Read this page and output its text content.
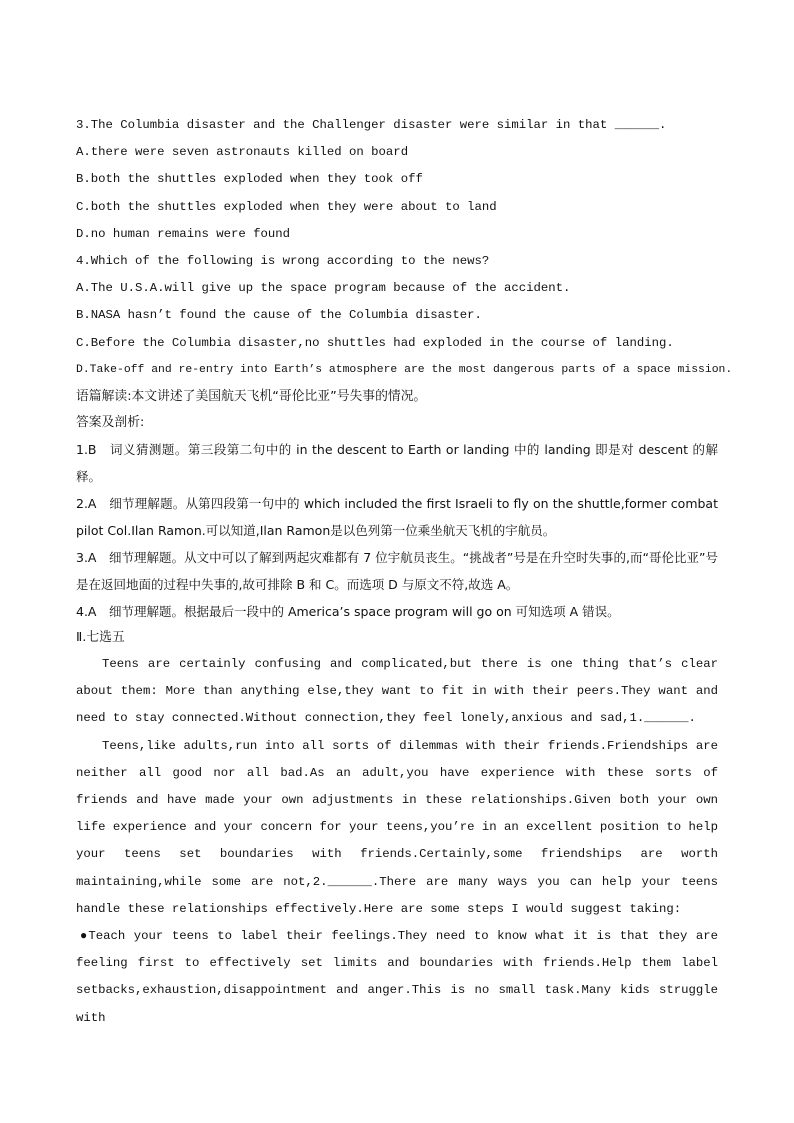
3.The Columbia disaster and the Challenger disaster were similar in that ______.

A.there were seven astronauts killed on board

B.both the shuttles exploded when they took off

C.both the shuttles exploded when they were about to land

D.no human remains were found

4.Which of the following is wrong according to the news?

A.The U.S.A.will give up the space program because of the accident.

B.NASA hasn’t found the cause of the Columbia disaster.

C.Before the Columbia disaster,no shuttles had exploded in the course of landing.

D.Take-off and re-entry into Earth’s atmosphere are the most dangerous parts of a space mission.

语篇解读:本文讲述了美国航天飞机“哥伦比亚”号失事的情况。

答案及剖析:

1.B　词义猜测题。第三段第二句中的 in the descent to Earth or landing 中的 landing 即是对 descent 的解释。

2.A　细节理解题。从第四段第一句中的 which included the first Israeli to fly on the shuttle,former combat pilot Col.Ilan Ramon.可以知道,Ilan Ramon是以色列第一位乘坐航天飞机的宇航员。

3.A　细节理解题。从文中可以了解到两起灾难都有 7 位宇航员丧生。“挑战者”号是在升空时失事的,而“哥伦比亚”号是在返回地面的过程中失事的,故可排除 B 和 C。而选项 D 与原文不符,故选 A。

4.A　细节理解题。根据最后一段中的 America’s space program will go on 可知选项 A 错误。

Ⅱ.七选五

Teens are certainly confusing and complicated,but there is one thing that’s clear about them: More than anything else,they want to fit in with their peers.They want and need to stay connected.Without connection,they feel lonely,anxious and sad,1.______.

Teens,like adults,run into all sorts of dilemmas with their friends.Friendships are neither all good nor all bad.As an adult,you have experience with these sorts of friends and have made your own adjustments in these relationships.Given both your own life experience and your concern for your teens,you’re in an excellent position to help your teens set boundaries with friends.Certainly,some friendships are worth maintaining,while some are not,2.______.There are many ways you can help your teens handle these relationships effectively.Here are some steps I would suggest taking:

●Teach your teens to label their feelings.They need to know what it is that they are feeling first to effectively set limits and boundaries with friends.Help them label setbacks,exhaustion,disappointment and anger.This is no small task.Many kids struggle with
